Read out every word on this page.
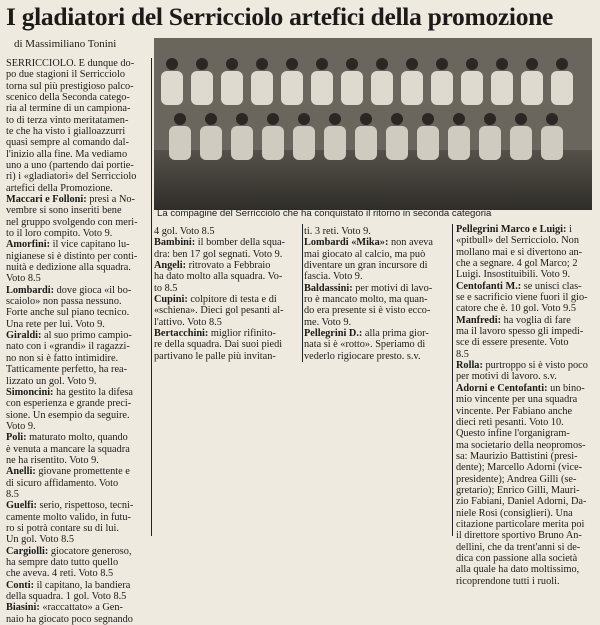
I gladiatori del Serricciolo artefici della promozione
di Massimiliano Tonini
La compagine del Serricciolo che ha conquistato il ritorno in seconda categoria
SERRICCIOLO. E dunque do-
po due stagioni il Serricciolo
torna sul più prestigioso palco-
scenico della Seconda catego-
ria al termine di un campiona-
to di terza vinto meritatamen-
te che ha visto i gialloazzurri
quasi sempre al comando dal-
l'inizio alla fine. Ma vediamo
uno a uno (partendo dai portie-
ri) i «gladiatori» del Serricciolo
artefici della Promozione.
Maccari e Folloni: presi a No-
vembre si sono inseriti bene
nel gruppo svolgendo con meri-
to il loro compito. Voto 9.
Amorfini: il vice capitano lu-
nigianese si è distinto per conti-
nuità e dedizione alla squadra.
Voto 8.5
Lombardi: dove gioca «il bo-
scaiolo» non passa nessuno.
Forte anche sul piano tecnico.
Una rete per lui. Voto 9.
Giraldi: al suo primo campio-
nato con i «grandi» il ragazzi-
no non si è fatto intimidire.
Tatticamente perfetto, ha rea-
lizzato un gol. Voto 9.
Simoncini: ha gestito la difesa
con esperienza e grande preci-
sione. Un esempio da seguire.
Voto 9.
Poli: maturato molto, quando
è venuta a mancare la squadra
ne ha risentito. Voto 9.
Anelli: giovane promettente e
di sicuro affidamento. Voto
8.5
Guelfi: serio, rispettoso, tecni-
camente molto valido, in futu-
ro si potrà contare su di lui.
Un gol. Voto 8.5
Cargiolli: giocatore generoso,
ha sempre dato tutto quello
che aveva. 4 reti. Voto 8.5
Conti: il capitano, la bandiera
della squadra. 1 gol. Voto 8.5
Biasini: «raccattato» a Gen-
naio ha giocato poco segnando
4 gol. Voto 8.5
Bambini: il bomber della squa-
dra: ben 17 gol segnati. Voto 9.
Angeli: ritrovato a Febbraio
ha dato molto alla squadra. Vo-
to 8.5
Cupini: colpitore di testa e di
«schiena». Dieci gol pesanti al-
l'attivo. Voto 8.5
Bertacchini: miglior rifinito-
re della squadra. Dai suoi piedi
partivano le palle più invitan-
ti. 3 reti. Voto 9.
Lombardi «Mika»: non aveva
mai giocato al calcio, ma può
diventare un gran incursore di
fascia. Voto 9.
Baldassini: per motivi di lavo-
ro è mancato molto, ma quan-
do era presente si è visto ecco-
me. Voto 9.
Pellegrini D.: alla prima gior-
nata si è «rotto». Speriamo di
vederlo rigiocare presto. s.v.
Pellegrini Marco e Luigi: i
«pitbull» del Serricciolo. Non
mollano mai e si divertono an-
che a segnare. 4 gol Marco; 2
Luigi. Insostituibili. Voto 9.
Centofanti M.: se unisci clas-
se e sacrificio viene fuori il gio-
catore che è. 10 gol. Voto 9.5
Manfredi: ha voglia di fare
ma il lavoro spesso gli impedi-
sce di essere presente. Voto
8.5
Rolla: purtroppo si è visto poco
per motivi di lavoro. s.v.
Adorni e Centofanti: un bino-
mio vincente per una squadra
vincente. Per Fabiano anche
dieci reti pesanti. Voto 10.
Questo infine l'organigram-
ma societario della neopromos-
sa: Maurizio Battistini (presi-
dente); Marcello Adorni (vice-
presidente); Andrea Gilli (se-
gretario); Enrico Gilli, Mauri-
zio Fabiani, Daniel Adorni, Da-
niele Rosi (consiglieri). Una
citazione particolare merita poi
il direttore sportivo Bruno An-
dellini, che da trent'anni si de-
dica con passione alla società
alla quale ha dato moltissimo,
ricoprendone tutti i ruoli.
